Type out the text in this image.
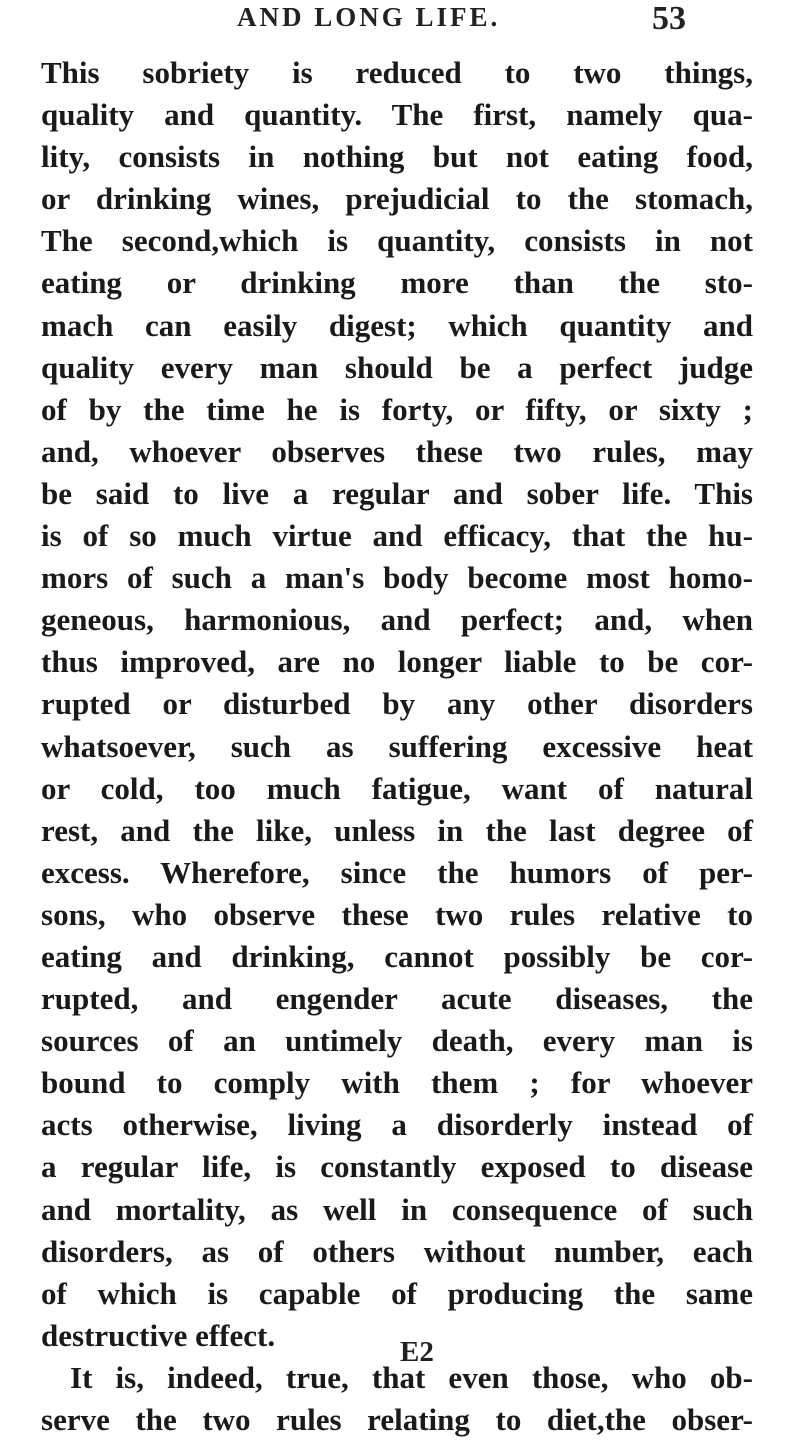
AND LONG LIFE.	53
This sobriety is reduced to two things,
quality and quantity. The first, namely qua-
lity, consists in nothing but not eating food,
or drinking wines, prejudicial to the stomach,
The second,which is quantity, consists in not
eating or drinking more than the sto-
mach can easily digest; which quantity and
quality every man should be a perfect judge
of by the time he is forty, or fifty, or sixty ;
and, whoever observes these two rules, may
be said to live a regular and sober life. This
is of so much virtue and efficacy, that the hu-
mors of such a man's body become most homo-
geneous, harmonious, and perfect; and, when
thus improved, are no longer liable to be cor-
rupted or disturbed by any other disorders
whatsoever, such as suffering excessive heat
or cold, too much fatigue, want of natural
rest, and the like, unless in the last degree of
excess. Wherefore, since the humors of per-
sons, who observe these two rules relative to
eating and drinking, cannot possibly be cor-
rupted, and engender acute diseases, the
sources of an untimely death, every man is
bound to comply with them ; for whoever
acts otherwise, living a disorderly instead of
a regular life, is constantly exposed to disease
and mortality, as well in consequence of such
disorders, as of others without number, each
of which is capable of producing the same
destructive effect.
It is, indeed, true, that even those, who ob-
serve the two rules relating to diet,the obser-
E2
